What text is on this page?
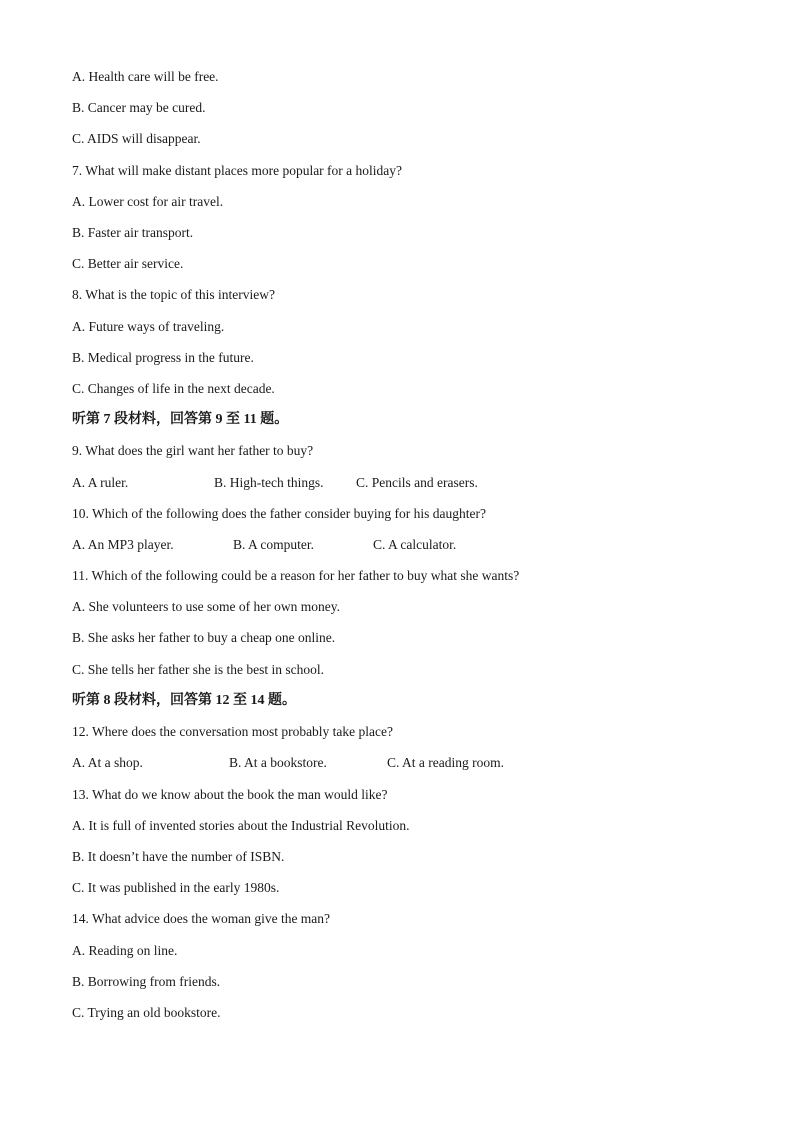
A. Health care will be free.
B. Cancer may be cured.
C. AIDS will disappear.
7. What will make distant places more popular for a holiday?
A. Lower cost for air travel.
B. Faster air transport.
C. Better air service.
8. What is the topic of this interview?
A. Future ways of traveling.
B. Medical progress in the future.
C. Changes of life in the next decade.
听第 7 段材料，回答第 9 至 11 题。
9. What does the girl want her father to buy?
A. A ruler.	B. High-tech things. C. Pencils and erasers.
10. Which of the following does the father consider buying for his daughter?
A. An MP3 player.	B. A computer.	C. A calculator.
11. Which of the following could be a reason for her father to buy what she wants?
A. She volunteers to use some of her own money.
B. She asks her father to buy a cheap one online.
C. She tells her father she is the best in school.
听第 8 段材料，回答第 12 至 14 题。
12. Where does the conversation most probably take place?
A. At a shop.	B. At a bookstore.	C. At a reading room.
13. What do we know about the book the man would like?
A. It is full of invented stories about the Industrial Revolution.
B. It doesn’t have the number of ISBN.
C. It was published in the early 1980s.
14. What advice does the woman give the man?
A. Reading on line.
B. Borrowing from friends.
C. Trying an old bookstore.
